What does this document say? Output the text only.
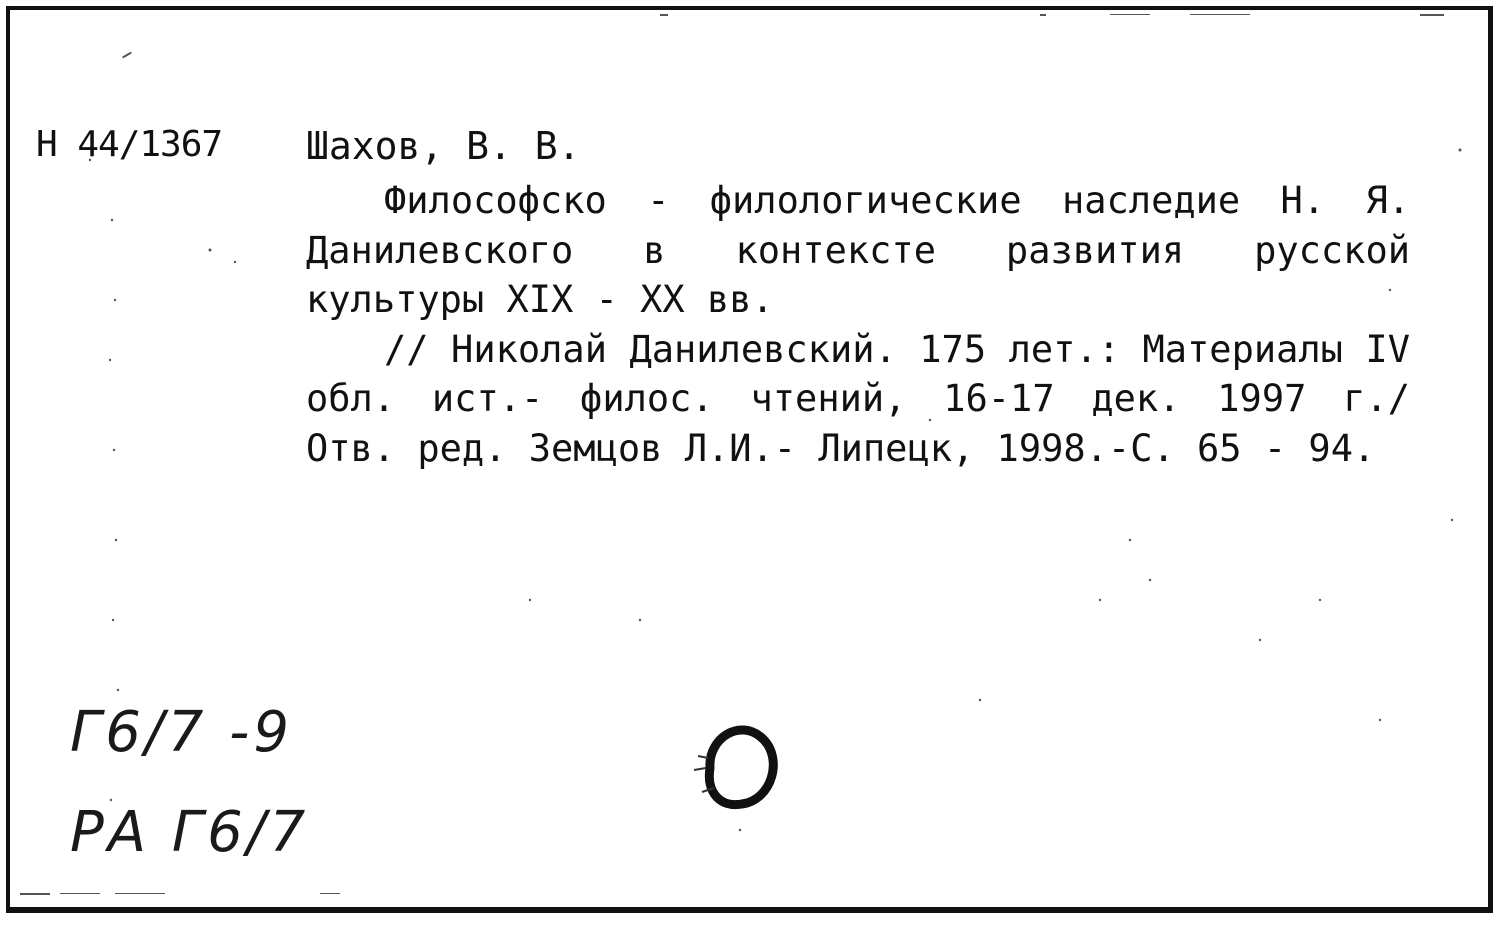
Н 44/1367 Шахов, В. В.
Философско - филологические наследие Н. Я. Данилевского в контексте развития русской культуры XIX - XX вв.
// Николай Данилевский. 175 лет.: Материалы IV обл. ист.- филос. чтений, 16-17 дек. 1997 г./ Отв. ред. Земцов Л.И.- Липецк, 1998.-С. 65 - 94.
Г6/7 -9
РА Г6/7
